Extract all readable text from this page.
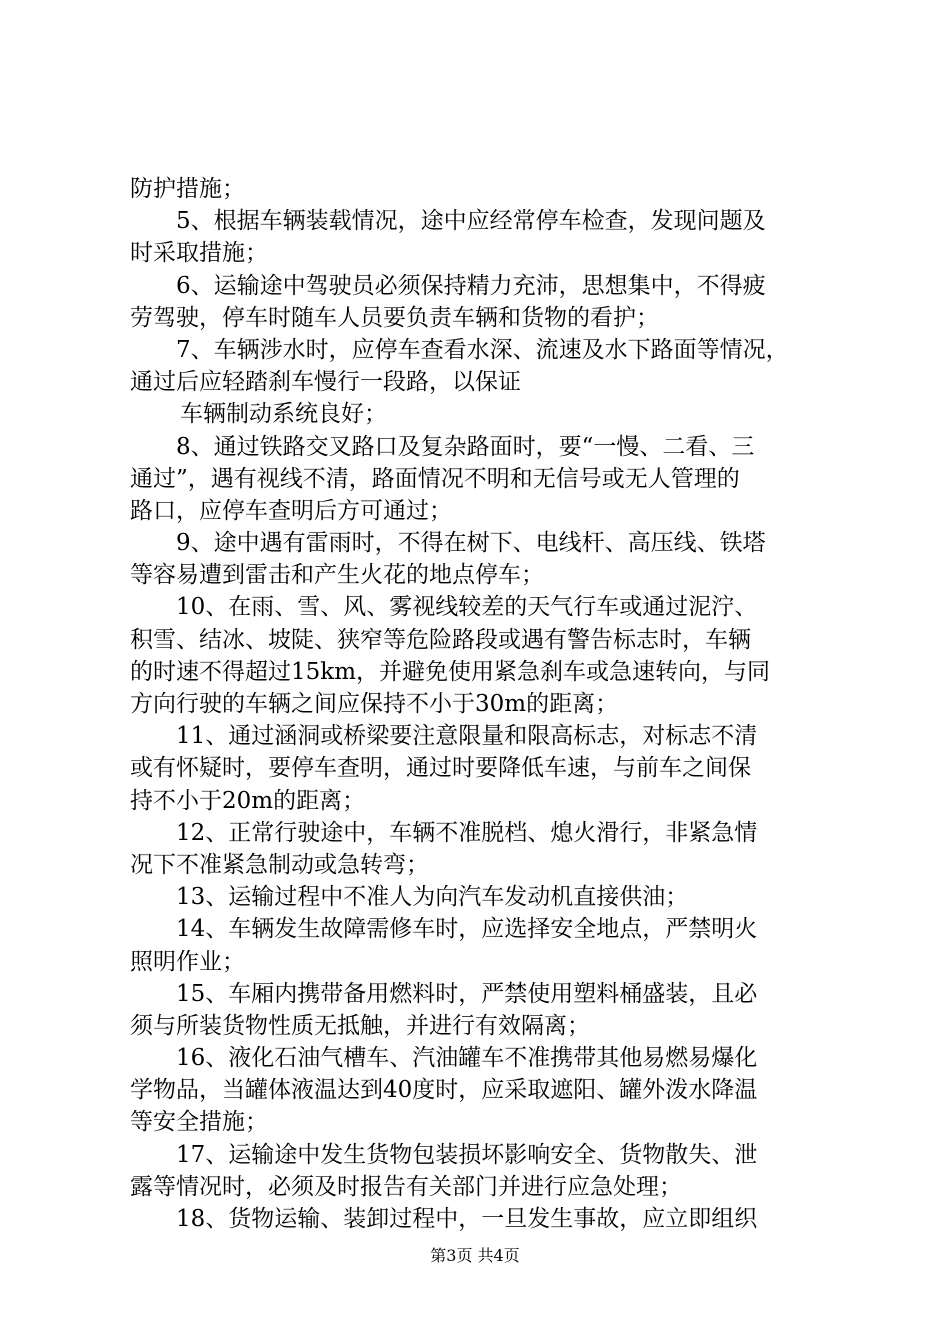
防护措施；
5、根据车辆装载情况，途中应经常停车检查，发现问题及
时采取措施；
6、运输途中驾驶员必须保持精力充沛，思想集中，不得疲
劳驾驶，停车时随车人员要负责车辆和货物的看护；
7、车辆涉水时，应停车查看水深、流速及水下路面等情况，
通过后应轻踏刹车慢行一段路，以保证
车辆制动系统良好；
8、通过铁路交叉路口及复杂路面时，要“一慢、二看、三
通过”，遇有视线不清，路面情况不明和无信号或无人管理的
路口，应停车查明后方可通过；
9、途中遇有雷雨时，不得在树下、电线杆、高压线、铁塔
等容易遭到雷击和产生火花的地点停车；
10、在雨、雪、风、雾视线较差的天气行车或通过泥泞、
积雪、结冰、坡陡、狭窄等危险路段或遇有警告标志时，车辆
的时速不得超过15km，并避免使用紧急刹车或急速转向，与同
方向行驶的车辆之间应保持不小于30m的距离；
11、通过涵洞或桥梁要注意限量和限高标志，对标志不清
或有怀疑时，要停车查明，通过时要降低车速，与前车之间保
持不小于20m的距离；
12、正常行驶途中，车辆不准脱档、熄火滑行，非紧急情
况下不准紧急制动或急转弯；
13、运输过程中不准人为向汽车发动机直接供油；
14、车辆发生故障需修车时，应选择安全地点，严禁明火
照明作业；
15、车厢内携带备用燃料时，严禁使用塑料桶盛装，且必
须与所装货物性质无抵触，并进行有效隔离；
16、液化石油气槽车、汽油罐车不准携带其他易燃易爆化
学物品，当罐体液温达到40度时，应采取遮阳、罐外泼水降温
等安全措施；
17、运输途中发生货物包装损坏影响安全、货物散失、泄
露等情况时，必须及时报告有关部门并进行应急处理；
18、货物运输、装卸过程中，一旦发生事故，应立即组织
第3页 共4页
